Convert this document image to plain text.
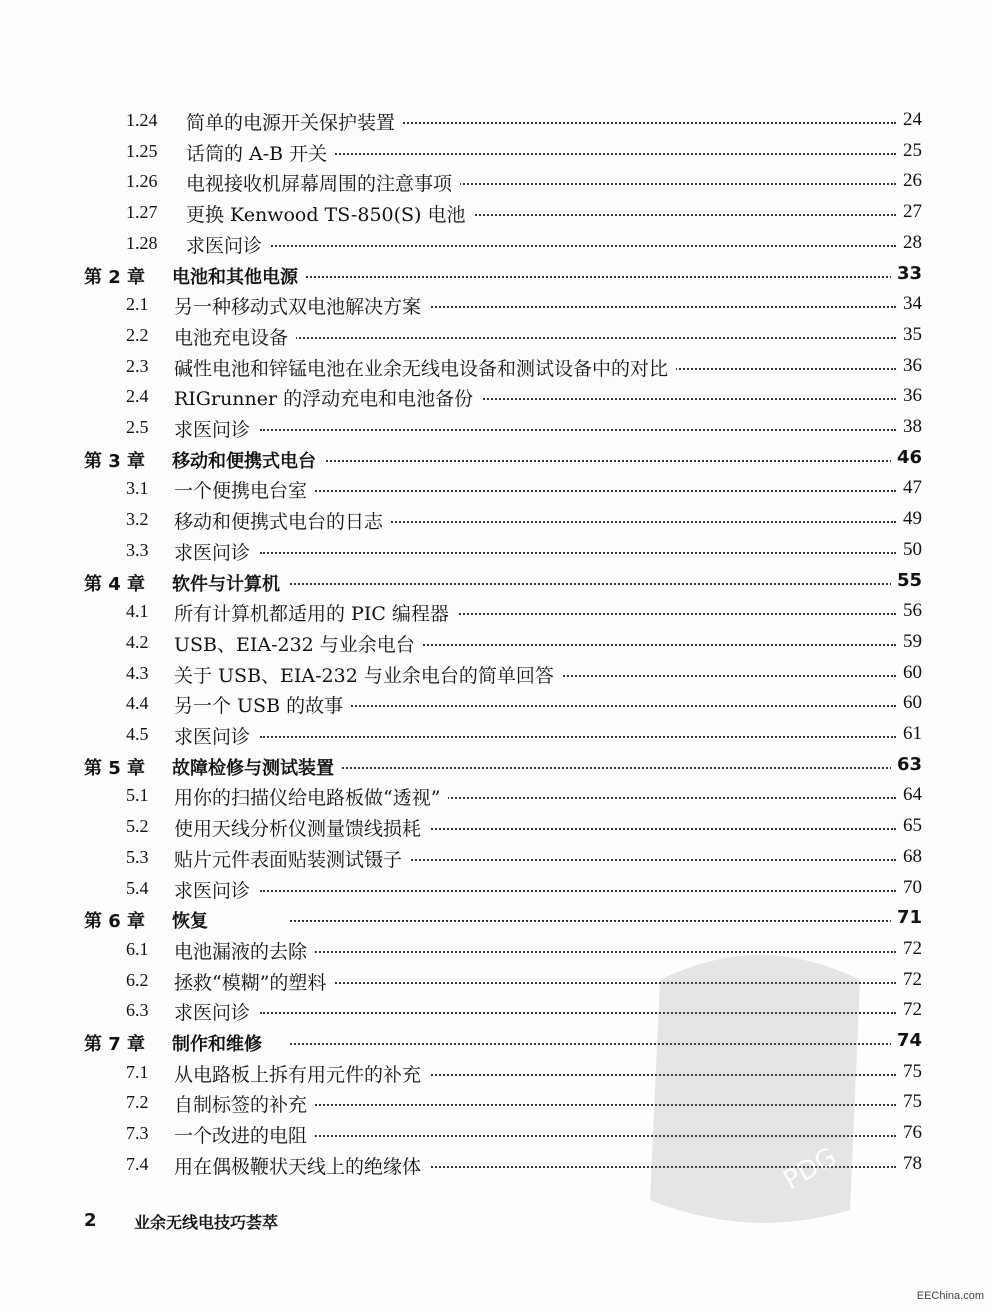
1.24 简单的电源开关保护装置	24
1.25 话筒的 A-B 开关	25
1.26 电视接收机屏幕周围的注意事项	26
1.27 更换 Kenwood TS-850(S) 电池	27
1.28 求医问诊	28
第 2 章 电池和其他电源	33
2.1 另一种移动式双电池解决方案	34
2.2 电池充电设备	35
2.3 碱性电池和锌锰电池在业余无线电设备和测试设备中的对比	36
2.4 RIGrunner 的浮动充电和电池备份	36
2.5 求医问诊	38
第 3 章 移动和便携式电台	46
3.1 一个便携电台室	47
3.2 移动和便携式电台的日志	49
3.3 求医问诊	50
第 4 章 软件与计算机	55
4.1 所有计算机都适用的 PIC 编程器	56
4.2 USB、EIA-232 与业余电台	59
4.3 关于 USB、EIA-232 与业余电台的简单回答	60
4.4 另一个 USB 的故事	60
4.5 求医问诊	61
第 5 章 故障检修与测试装置	63
5.1 用你的扫描仪给电路板做“透视”	64
5.2 使用天线分析仪测量馈线损耗	65
5.3 贴片元件表面贴装测试镊子	68
5.4 求医问诊	70
第 6 章 恢复	71
6.1 电池漏液的去除	72
6.2 拯救“模糊”的塑料	72
6.3 求医问诊	72
第 7 章 制作和维修	74
7.1 从电路板上拆有用元件的补充	75
7.2 自制标签的补充	75
7.3 一个改进的电阻	76
7.4 用在偶极鞭状天线上的绝缘体	78
2 业余无线电技巧荟萃
PDG
EEChina.com
